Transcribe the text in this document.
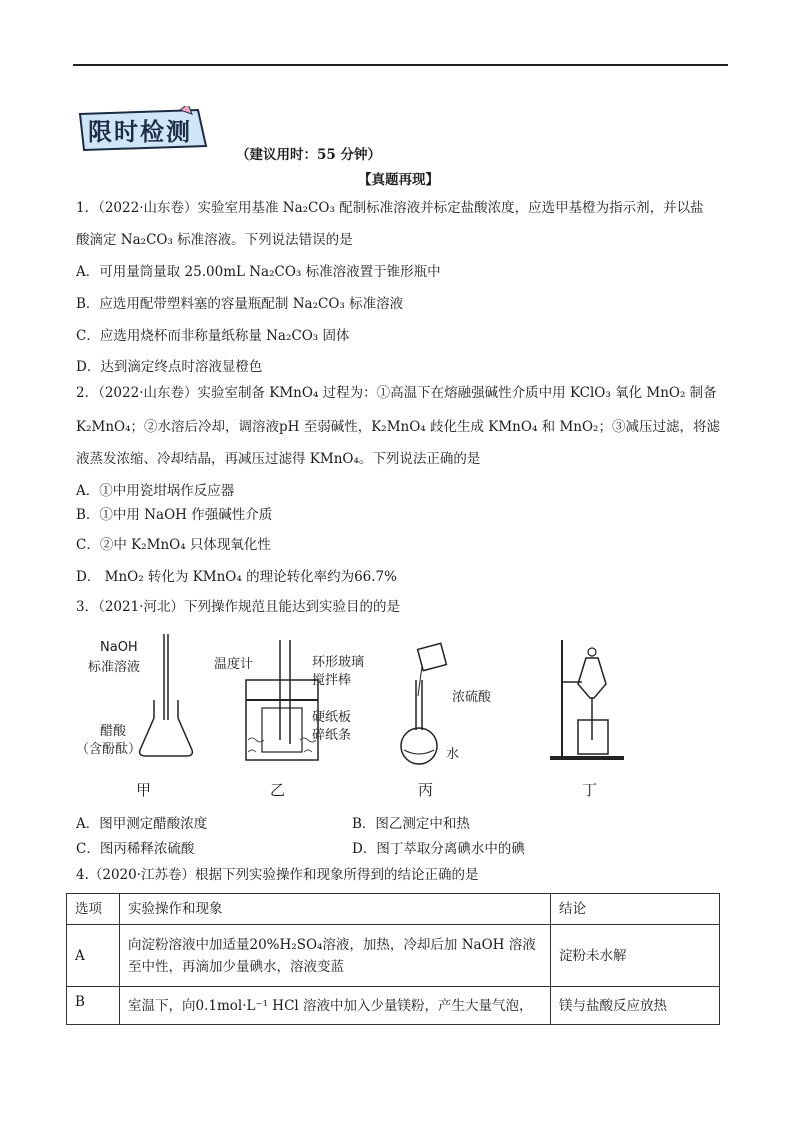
限时检测
（建议用时：55 分钟）
【真题再现】
1．（2022·山东卷）实验室用基准 Na₂CO₃ 配制标准溶液并标定盐酸浓度，应选甲基橙为指示剂，并以盐
酸滴定 Na₂CO₃ 标准溶液。下列说法错误的是
A．可用量筒量取 25.00mL Na₂CO₃ 标准溶液置于锥形瓶中
B．应选用配带塑料塞的容量瓶配制 Na₂CO₃ 标准溶液
C．应选用烧杯而非称量纸称量 Na₂CO₃ 固体
D．达到滴定终点时溶液显橙色
2．（2022·山东卷）实验室制备 KMnO₄ 过程为：①高温下在熔融强碱性介质中用 KClO₃ 氧化 MnO₂ 制备
K₂MnO₄；②水溶后冷却，调溶液pH 至弱碱性，K₂MnO₄ 歧化生成 KMnO₄ 和 MnO₂；③减压过滤，将滤
液蒸发浓缩、冷却结晶，再减压过滤得 KMnO₄。下列说法正确的是
A．①中用瓷坩埚作反应器
B．①中用 NaOH 作强碱性介质
C．②中 K₂MnO₄ 只体现氧化性
D． MnO₂ 转化为 KMnO₄ 的理论转化率约为66.7%
3．（2021·河北）下列操作规范且能达到实验目的的是
NaOH
标准溶液
醋酸
（含酚酞）
温度计	环形玻璃
搅拌棒
硬纸板
碎纸条
浓硫酸
水
甲	乙	丙	丁
A．图甲测定醋酸浓度	B．图乙测定中和热
C．图丙稀释浓硫酸	D．图丁萃取分离碘水中的碘
4.（2020·江苏卷）根据下列实验操作和现象所得到的结论正确的是
选项	实验操作和现象	结论
A	向淀粉溶液中加适量20%H₂SO₄溶液，加热，冷却后加 NaOH 溶液至中性，再滴加少量碘水，溶液变蓝	淀粉未水解
B	室温下，向0.1mol·L⁻¹ HCl 溶液中加入少量镁粉，产生大量气泡，	镁与盐酸反应放热
